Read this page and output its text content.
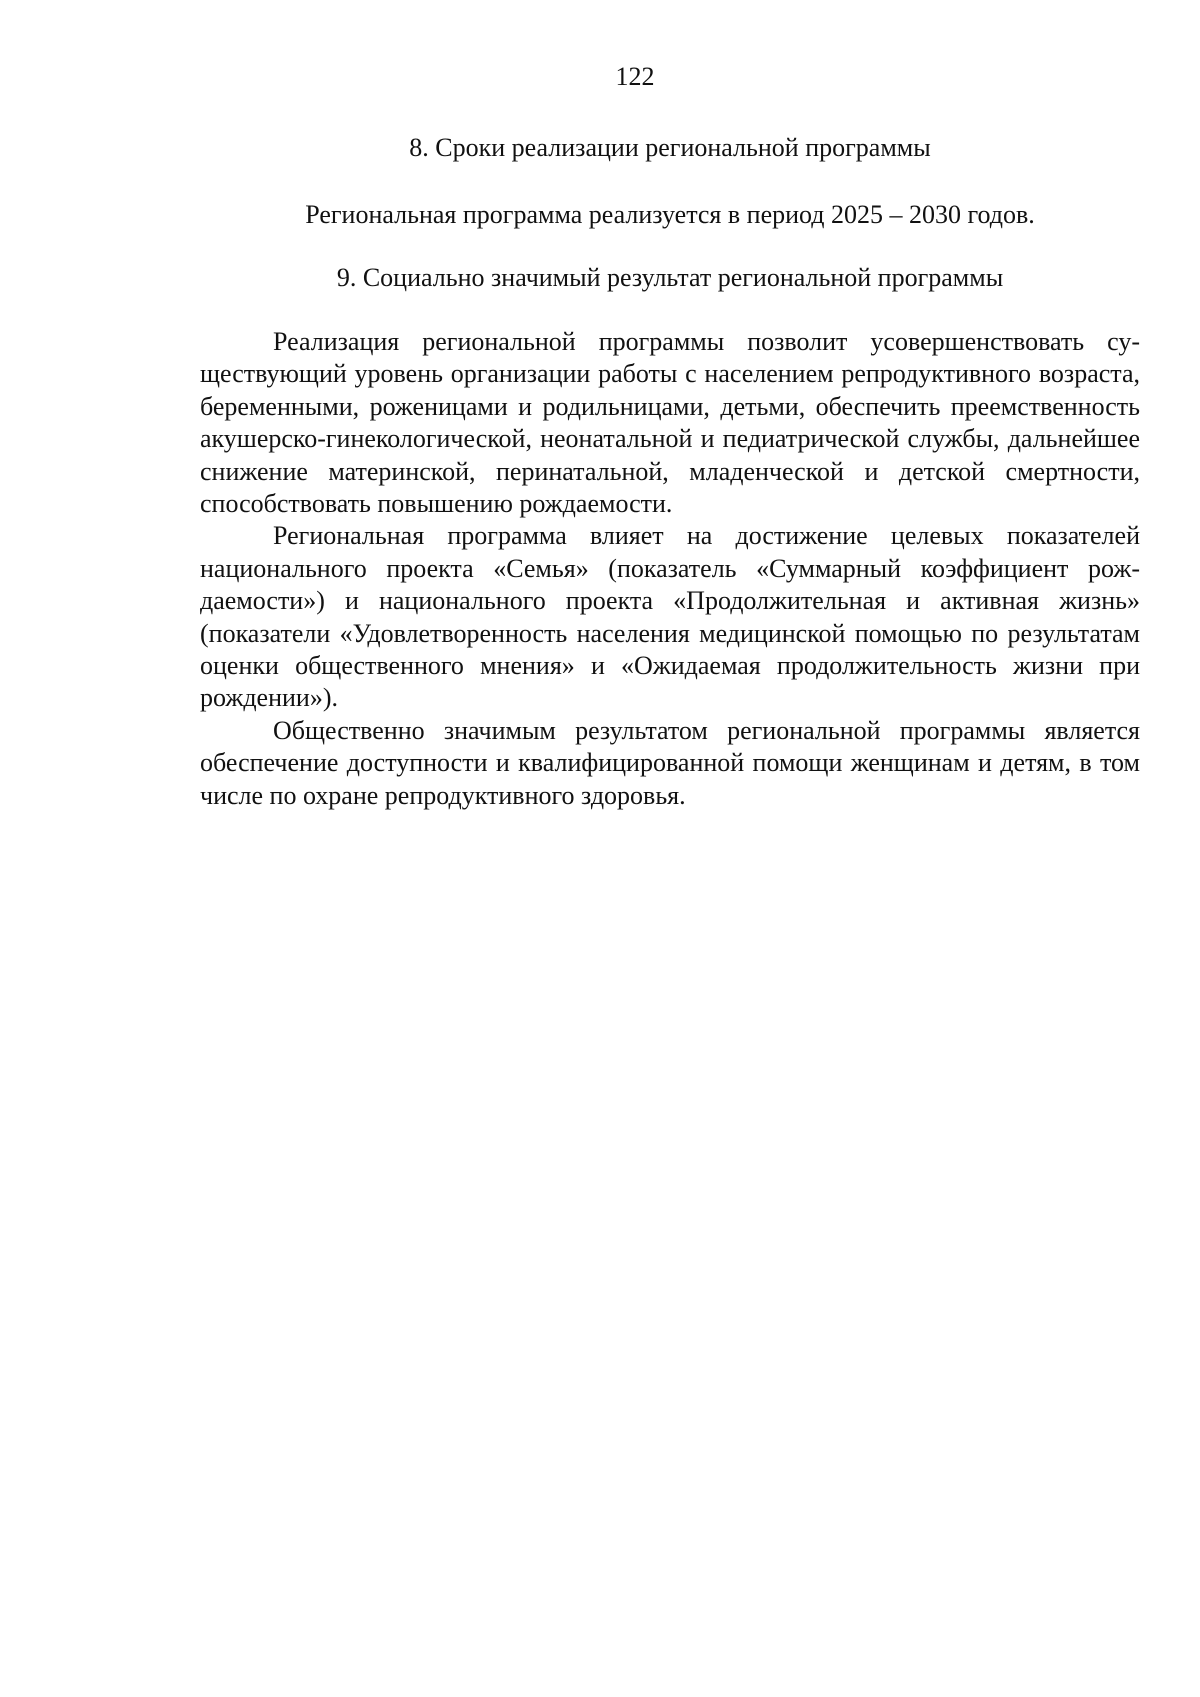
122
8. Сроки реализации региональной программы
Региональная программа реализуется в период 2025 – 2030 годов.
9. Социально значимый результат региональной программы

Реализация региональной программы позволит усовершенствовать существующий уровень организации работы с населением репродуктивного возраста, беременными, роженицами и родильницами, детьми, обеспечить преемственность акушерско-гинекологической, неонатальной и педиатрической службы, дальнейшее снижение материнской, перинатальной, младенческой и детской смертности, способствовать повышению рождаемости.

Региональная программа влияет на достижение целевых показателей национального проекта «Семья» (показатель «Суммарный коэффициент рождаемости») и национального проекта «Продолжительная и активная жизнь» (показатели «Удовлетворенность населения медицинской помощью по результатам оценки общественного мнения» и «Ожидаемая продолжительность жизни при рождении»).

Общественно значимым результатом региональной программы является обеспечение доступности и квалифицированной помощи женщинам и детям, в том числе по охране репродуктивного здоровья.
